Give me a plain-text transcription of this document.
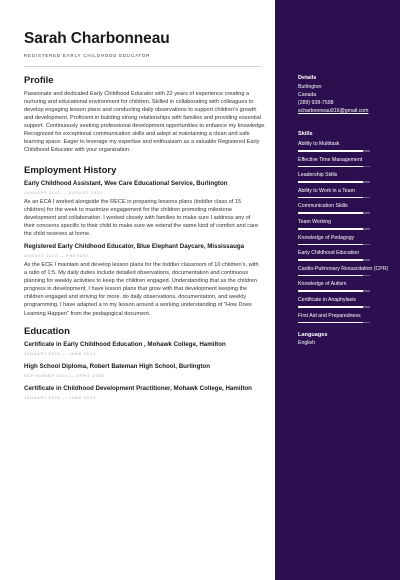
Sarah Charbonneau
REGISTERED EARLY CHILDHOOD EDUCATOR
Profile

Passionate and dedicated Early Childhood Educator with 22 years of experience creating a nurturing and educational environment for children. Skilled in collaborating with colleagues to develop engaging lesson plans and conducting daily observations to support children's growth and development. Proficient in building strong relationships with families and providing essential support. Continuously seeking professional development opportunities to enhance my knowledge. Recognized for exceptional communication skills and adept at maintaining a clean and safe learning space. Eager to leverage my expertise and enthusiasm as a valuable Registered Early Childhood Educator with your organization.

Employment History
Early Childhood Assistant, Wee Care Educational Service, Burlington
JANUARY 2001 — AUGUST 2022

As an ECA I worked alongside the RECE in preparing lessons plans (toddler class of 15 children) for the week to maximize engagement for the children promoting milestone development and collaboration. I worked closely with families to make sure I address any of their concerns specific to their child to make sure we extend the same kind of comfort and care the child receives at home.

Registered Early Childhood Educator, Blue Elephant Daycare, Mississauga
AUGUST 2022 — PRESENT

As the ECE I maintain and develop lesson plans for the toddler classroom of 10 children's, with a ratio of 1:5. My daily duties include detailed observations, documentation and continuous planning for weekly activities to keep the children engaged. Understanding that as the children progress in development, I have lesson plans that grow with that development keeping the children engaged and striving for more. do daily observations, documentation, and weekly programming. I have adapted a to my lesson around a working understanding of "How Does Learning Happen" from the pedagogical document.

Education
Certificate in Early Childhood Education , Mohawk College, Hamilton
JANUARY 2022 — JUNE 2024
High School Diploma, Robert Bateman High School, Burlington
SEPTEMBER 2002 — APRIL 2006
Certificate in Childhood Development Practitioner, Mohawk College, Hamilton
JANUARY 2022 — JUNE 2024
Details
Burlington
Canada
(289) 938-7598
scharbonneau916@gmail.com
Skills
Ability to Multitask
Effective Time Management
Leadership Skills
Ability to Work in a Team
Communication Skills
Team Working
Knowledge of Pedagogy
Early Childhood Education
Cardio-Pulmonary Resuscitation (CPR)
Knowledge of Autism
Certificate in Anaphylaxis
First Aid and Preparedness
Languages
English
